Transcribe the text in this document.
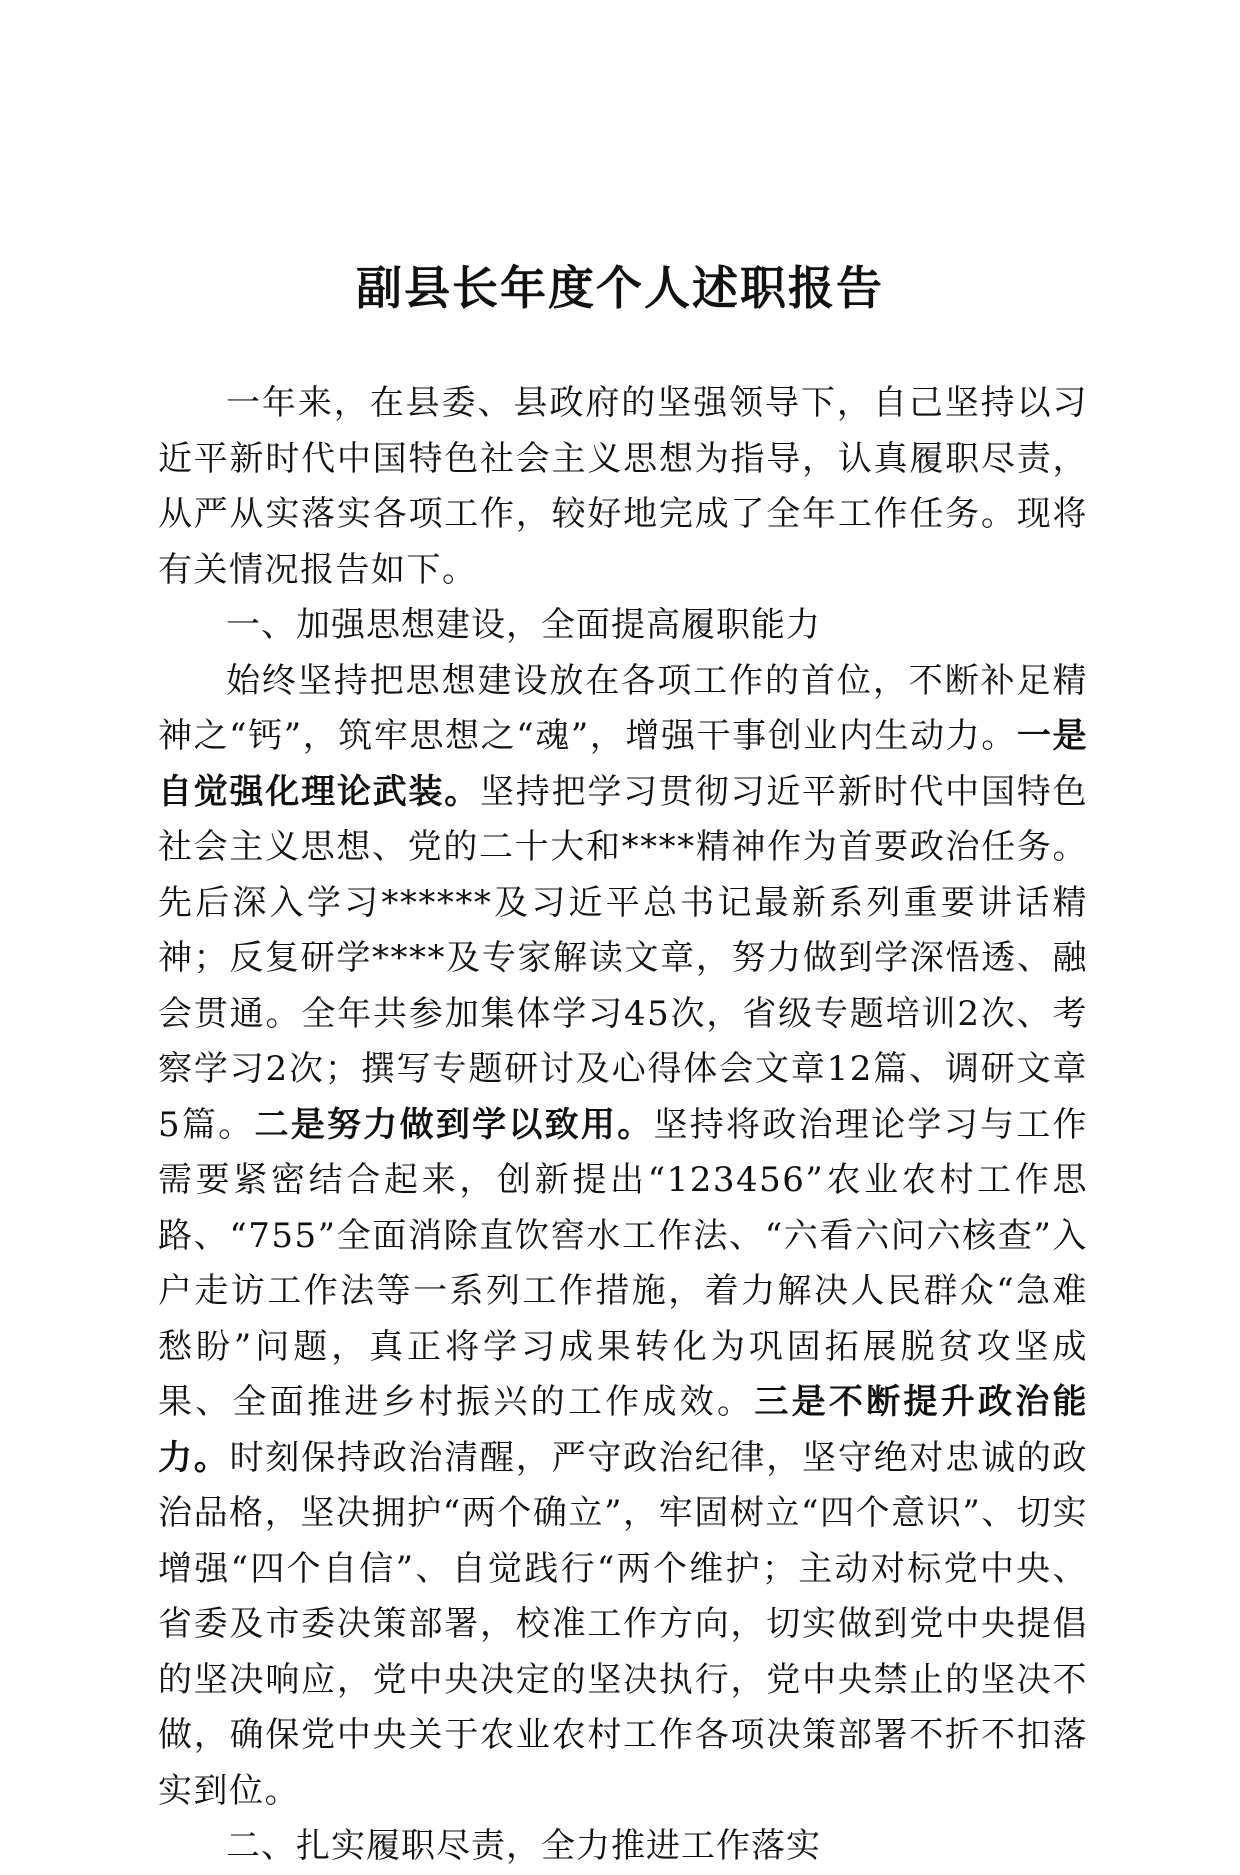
副县长年度个人述职报告

一年来，在县委、县政府的坚强领导下，自己坚持以习近平新时代中国特色社会主义思想为指导，认真履职尽责，从严从实落实各项工作，较好地完成了全年工作任务。现将有关情况报告如下。

一、加强思想建设，全面提高履职能力

始终坚持把思想建设放在各项工作的首位，不断补足精神之“钙”，筑牢思想之“魂”，增强干事创业内生动力。一是自觉强化理论武装。坚持把学习贯彻习近平新时代中国特色社会主义思想、党的二十大和****精神作为首要政治任务。先后深入学习******及习近平总书记最新系列重要讲话精神；反复研学****及专家解读文章，努力做到学深悟透、融会贯通。全年共参加集体学习45次，省级专题培训2次、考察学习2次；撰写专题研讨及心得体会文章12篇、调研文章5篇。二是努力做到学以致用。坚持将政治理论学习与工作需要紧密结合起来，创新提出“123456”农业农村工作思路、“755”全面消除直饮窖水工作法、“六看六问六核查”入户走访工作法等一系列工作措施，着力解决人民群众“急难愁盼”问题，真正将学习成果转化为巩固拓展脱贫攻坚成果、全面推进乡村振兴的工作成效。三是不断提升政治能力。时刻保持政治清醒，严守政治纪律，坚守绝对忠诚的政治品格，坚决拥护“两个确立”，牢固树立“四个意识”、切实增强“四个自信”、自觉践行“两个维护；主动对标党中央、省委及市委决策部署，校准工作方向，切实做到党中央提倡的坚决响应，党中央决定的坚决执行，党中央禁止的坚决不做，确保党中央关于农业农村工作各项决策部署不折不扣落实到位。

二、扎实履职尽责，全力推进工作落实
